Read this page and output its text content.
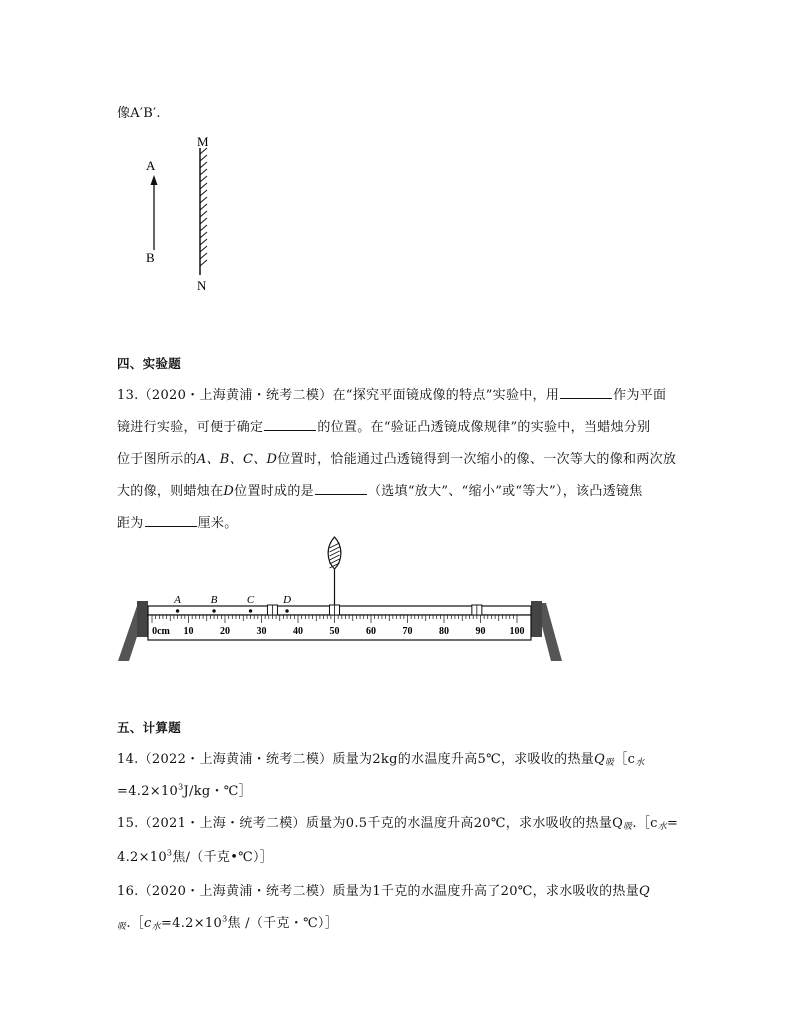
像A′B′.
M
N
A
B
四、实验题
13.（2020・上海黄浦・统考二模）在“探究平面镜成像的特点”实验中，用	作为平面
镜进行实验，可便于确定	的位置。在“验证凸透镜成像规律”的实验中，当蜡烛分别
位于图所示的A、B、C、D位置时，恰能通过凸透镜得到一次缩小的像、一次等大的像和两次放
大的像，则蜡烛在D位置时成的是	（选填“放大”、“缩小”或“等大”），该凸透镜焦
距为	厘米。
0cm 10	20	30	40	50	60	70	80	90 100
A	B	C	D
五、计算题
14.（2022・上海黄浦・统考二模）质量为2kg的水温度升高5℃，求吸收的热量$Q_吸[c_水$
$=4.2\times 10^3J/kg$・℃］
15.（2021・上海・统考二模）质量为0.5千克的水温度升高20℃，求水吸收的热量$Q_吸.[c_水=$
$4.2\times 10^3$焦/（千克•℃）］
16.（2020・上海黄浦・统考二模）质量为1千克的水温度升高了20℃，求水吸收的热量Q
$_吸.[c_水=4.2\times 10^3$焦 /（千克・℃）］
